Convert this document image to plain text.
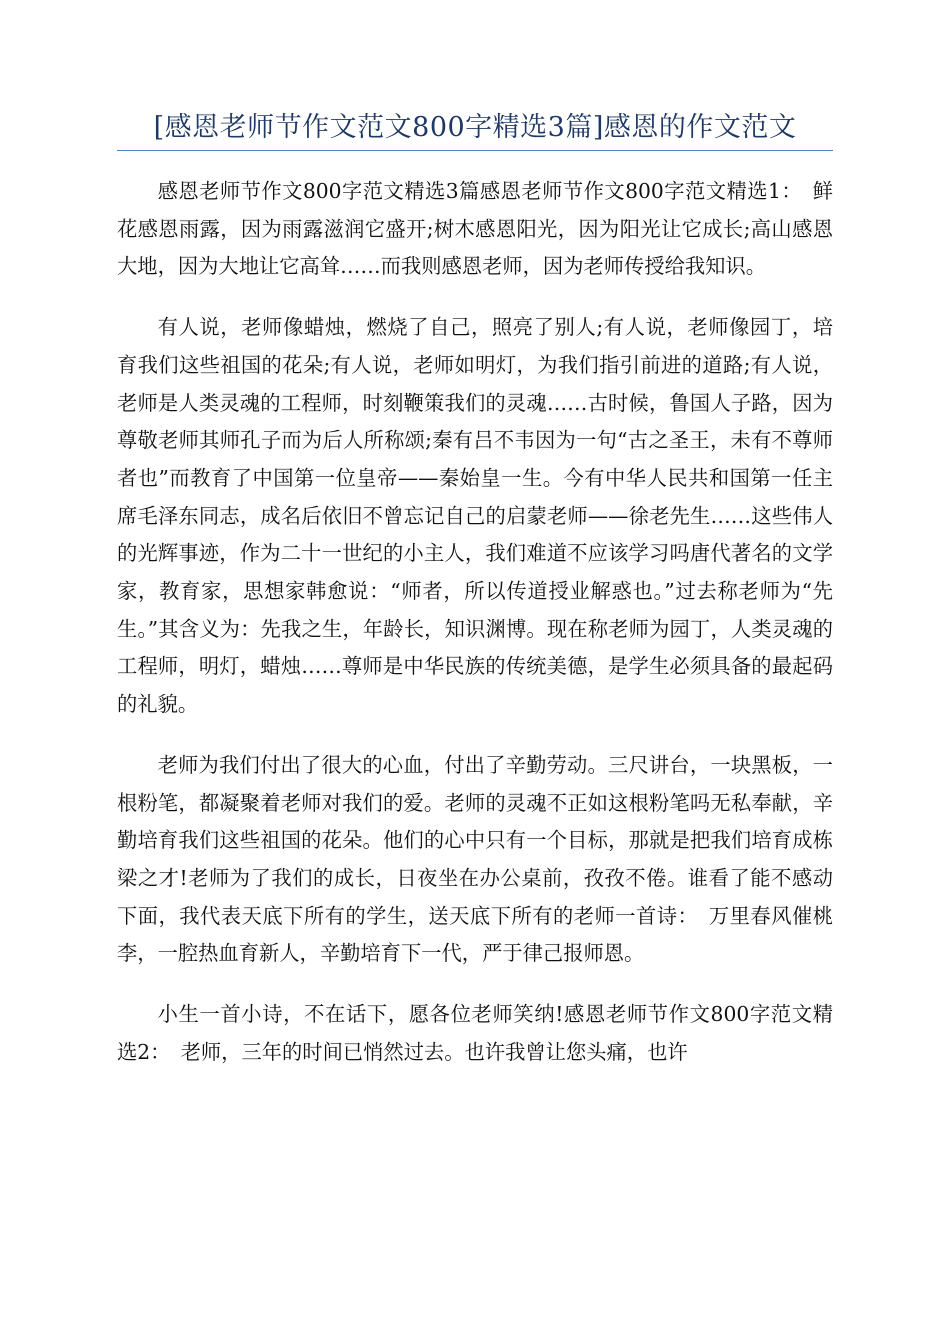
[感恩老师节作文范文800字精选3篇]感恩的作文范文

感恩老师节作文800字范文精选3篇感恩老师节作文800字范文精选1：　鲜花感恩雨露，因为雨露滋润它盛开;树木感恩阳光，因为阳光让它成长;高山感恩大地，因为大地让它高耸……而我则感恩老师，因为老师传授给我知识。

有人说，老师像蜡烛，燃烧了自己，照亮了别人;有人说，老师像园丁，培育我们这些祖国的花朵;有人说，老师如明灯，为我们指引前进的道路;有人说，老师是人类灵魂的工程师，时刻鞭策我们的灵魂……古时候，鲁国人子路，因为尊敬老师其师孔子而为后人所称颂;秦有吕不韦因为一句“古之圣王，未有不尊师者也”而教育了中国第一位皇帝——秦始皇一生。今有中华人民共和国第一任主席毛泽东同志，成名后依旧不曾忘记自己的启蒙老师——徐老先生……这些伟人的光辉事迹，作为二十一世纪的小主人，我们难道不应该学习吗唐代著名的文学家，教育家，思想家韩愈说：“师者，所以传道授业解惑也。”过去称老师为“先生。”其含义为：先我之生，年龄长，知识渊博。现在称老师为园丁，人类灵魂的工程师，明灯，蜡烛……尊师是中华民族的传统美德，是学生必须具备的最起码的礼貌。

老师为我们付出了很大的心血，付出了辛勤劳动。三尺讲台，一块黑板，一根粉笔，都凝聚着老师对我们的爱。老师的灵魂不正如这根粉笔吗无私奉献，辛勤培育我们这些祖国的花朵。他们的心中只有一个目标，那就是把我们培育成栋梁之才!老师为了我们的成长，日夜坐在办公桌前，孜孜不倦。谁看了能不感动下面，我代表天底下所有的学生，送天底下所有的老师一首诗：　万里春风催桃李，一腔热血育新人，辛勤培育下一代，严于律己报师恩。

小生一首小诗，不在话下，愿各位老师笑纳!感恩老师节作文800字范文精选2：　老师，三年的时间已悄然过去。也许我曾让您头痛，也许
